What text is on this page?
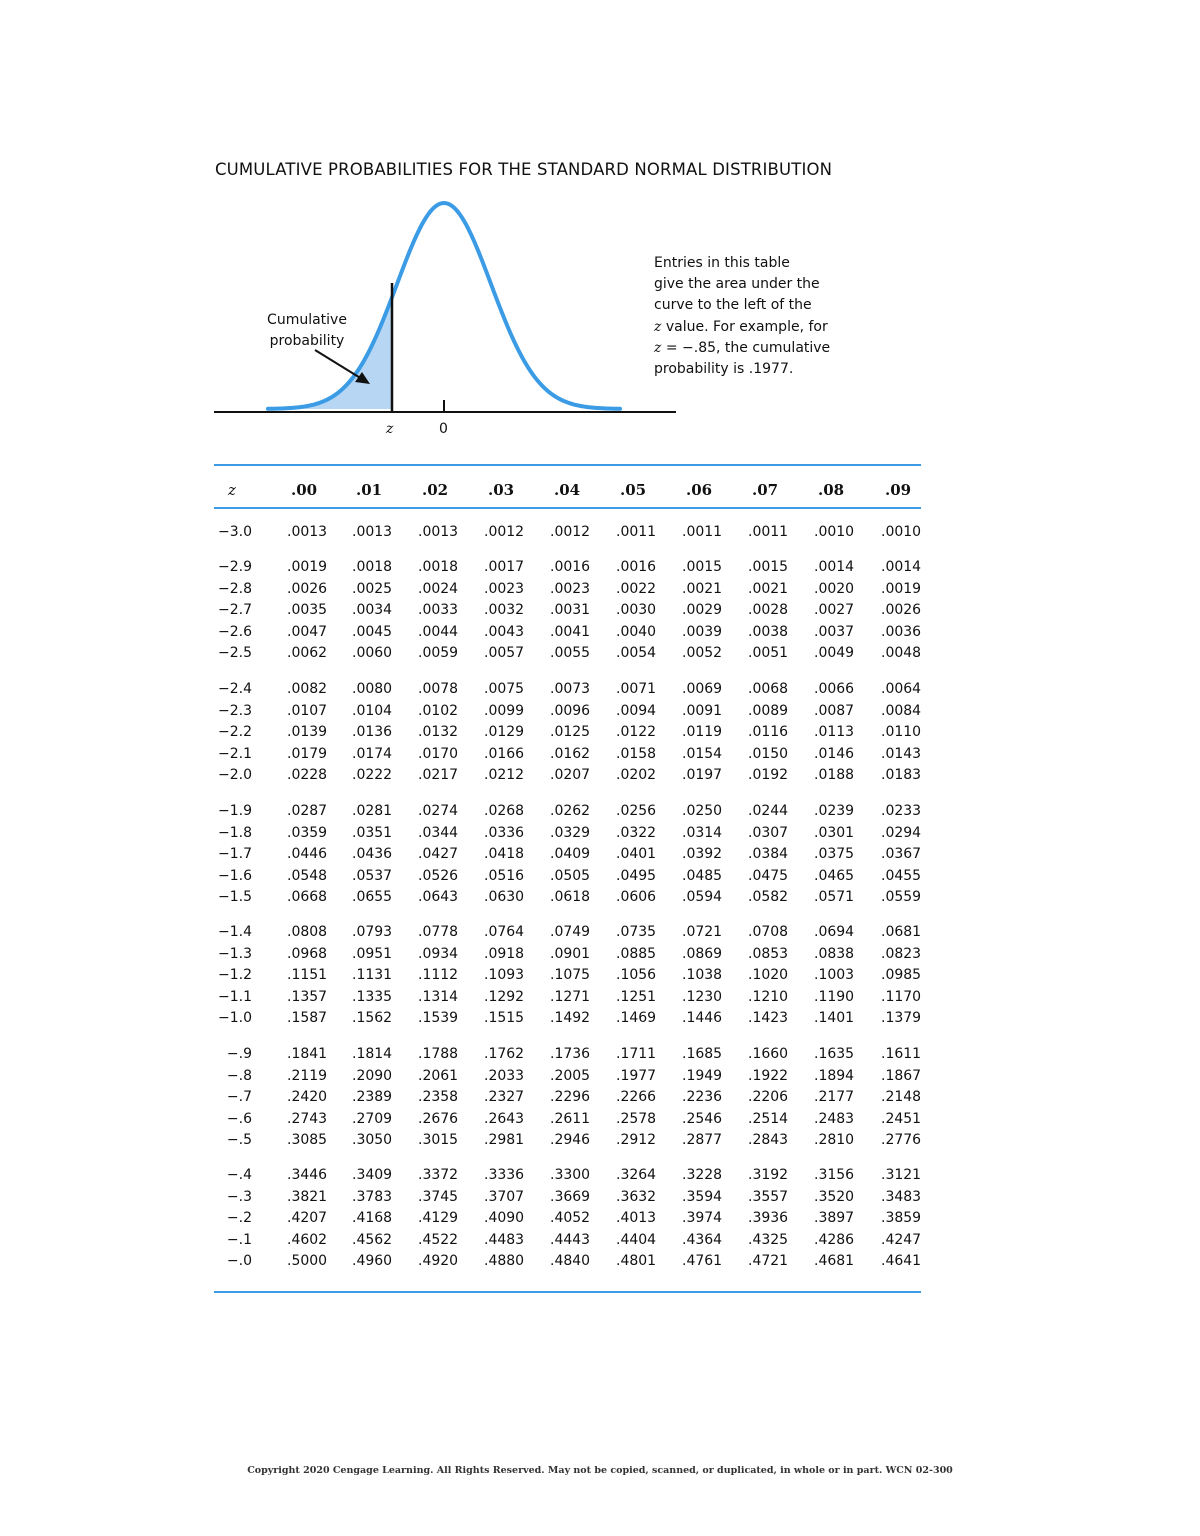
CUMULATIVE PROBABILITIES FOR THE STANDARD NORMAL DISTRIBUTION
Cumulative
probability
z	0
Entries in this table
give the area under the
curve to the left of the
z value. For example, for
z = −.85, the cumulative
probability is .1977.
z	.00	.01	.02	.03	.04	.05	.06	.07	.08	.09
−3.0	.0013 .0013 .0013 .0012 .0012 .0011 .0011 .0011 .0010 .0010
−2.9	.0019 .0018 .0018 .0017 .0016 .0016 .0015 .0015 .0014 .0014
−2.8	.0026 .0025 .0024 .0023 .0023 .0022 .0021 .0021 .0020 .0019
−2.7	.0035 .0034 .0033 .0032 .0031 .0030 .0029 .0028 .0027 .0026
−2.6	.0047 .0045 .0044 .0043 .0041 .0040 .0039 .0038 .0037 .0036
−2.5	.0062 .0060 .0059 .0057 .0055 .0054 .0052 .0051 .0049 .0048
−2.4	.0082 .0080 .0078 .0075 .0073 .0071 .0069 .0068 .0066 .0064
−2.3	.0107 .0104 .0102 .0099 .0096 .0094 .0091 .0089 .0087 .0084
−2.2	.0139 .0136 .0132 .0129 .0125 .0122 .0119 .0116 .0113 .0110
−2.1	.0179 .0174 .0170 .0166 .0162 .0158 .0154 .0150 .0146 .0143
−2.0	.0228 .0222 .0217 .0212 .0207 .0202 .0197 .0192 .0188 .0183
−1.9	.0287 .0281 .0274 .0268 .0262 .0256 .0250 .0244 .0239 .0233
−1.8	.0359 .0351 .0344 .0336 .0329 .0322 .0314 .0307 .0301 .0294
−1.7	.0446 .0436 .0427 .0418 .0409 .0401 .0392 .0384 .0375 .0367
−1.6	.0548 .0537 .0526 .0516 .0505 .0495 .0485 .0475 .0465 .0455
−1.5	.0668 .0655 .0643 .0630 .0618 .0606 .0594 .0582 .0571 .0559
−1.4	.0808 .0793 .0778 .0764 .0749 .0735 .0721 .0708 .0694 .0681
−1.3	.0968 .0951 .0934 .0918 .0901 .0885 .0869 .0853 .0838 .0823
−1.2	.1151 .1131 .1112 .1093 .1075 .1056 .1038 .1020 .1003 .0985
−1.1	.1357 .1335 .1314 .1292 .1271 .1251 .1230 .1210 .1190 .1170
−1.0	.1587 .1562 .1539 .1515 .1492 .1469 .1446 .1423 .1401 .1379
−.9	.1841 .1814 .1788 .1762 .1736 .1711 .1685 .1660 .1635 .1611
−.8	.2119 .2090 .2061 .2033 .2005 .1977 .1949 .1922 .1894 .1867
−.7	.2420 .2389 .2358 .2327 .2296 .2266 .2236 .2206 .2177 .2148
−.6	.2743 .2709 .2676 .2643 .2611 .2578 .2546 .2514 .2483 .2451
−.5	.3085 .3050 .3015 .2981 .2946 .2912 .2877 .2843 .2810 .2776
−.4	.3446 .3409 .3372 .3336 .3300 .3264 .3228 .3192 .3156 .3121
−.3	.3821 .3783 .3745 .3707 .3669 .3632 .3594 .3557 .3520 .3483
−.2	.4207 .4168 .4129 .4090 .4052 .4013 .3974 .3936 .3897 .3859
−.1	.4602 .4562 .4522 .4483 .4443 .4404 .4364 .4325 .4286 .4247
−.0	.5000 .4960 .4920 .4880 .4840 .4801 .4761 .4721 .4681 .4641
Copyright 2020 Cengage Learning. All Rights Reserved. May not be copied, scanned, or duplicated, in whole or in part. WCN 02-300
